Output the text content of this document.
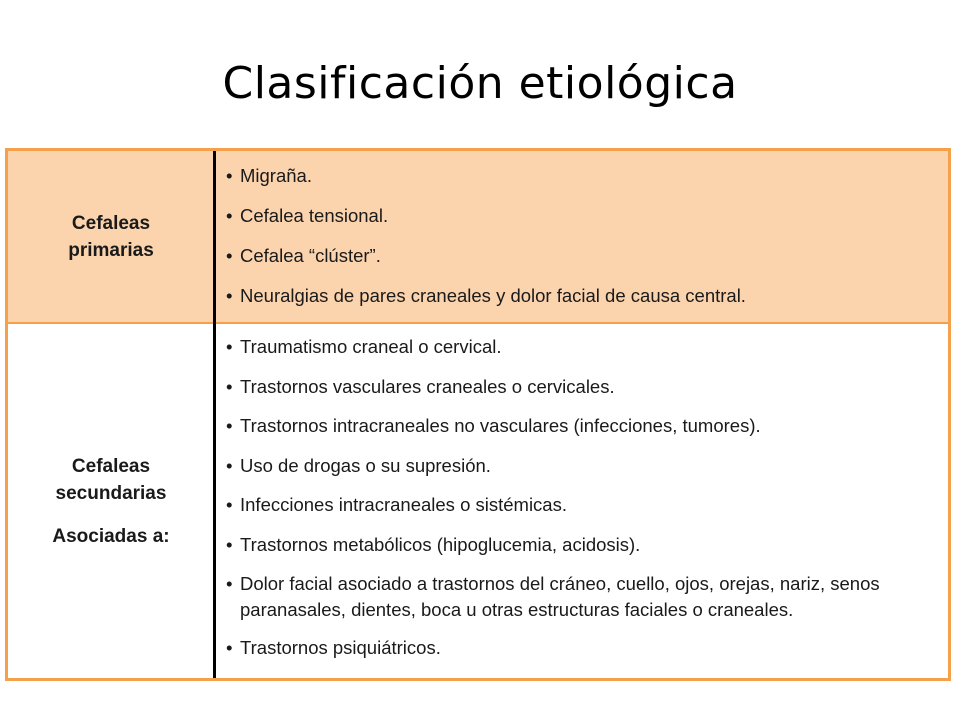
Clasificación etiológica
Cefaleas primarias
• Migraña.
• Cefalea tensional.
• Cefalea “clúster”.
• Neuralgias de pares craneales y dolor facial de causa central.
Cefaleas secundarias
Asociadas a:
• Traumatismo craneal o cervical.
• Trastornos vasculares craneales o cervicales.
• Trastornos intracraneales no vasculares (infecciones, tumores).
• Uso de drogas o su supresión.
• Infecciones intracraneales o sistémicas.
• Trastornos metabólicos (hipoglucemia, acidosis).
• Dolor facial asociado a trastornos del cráneo, cuello, ojos, orejas, nariz, senos paranasales, dientes, boca u otras estructuras faciales o craneales.
• Trastornos psiquiátricos.
